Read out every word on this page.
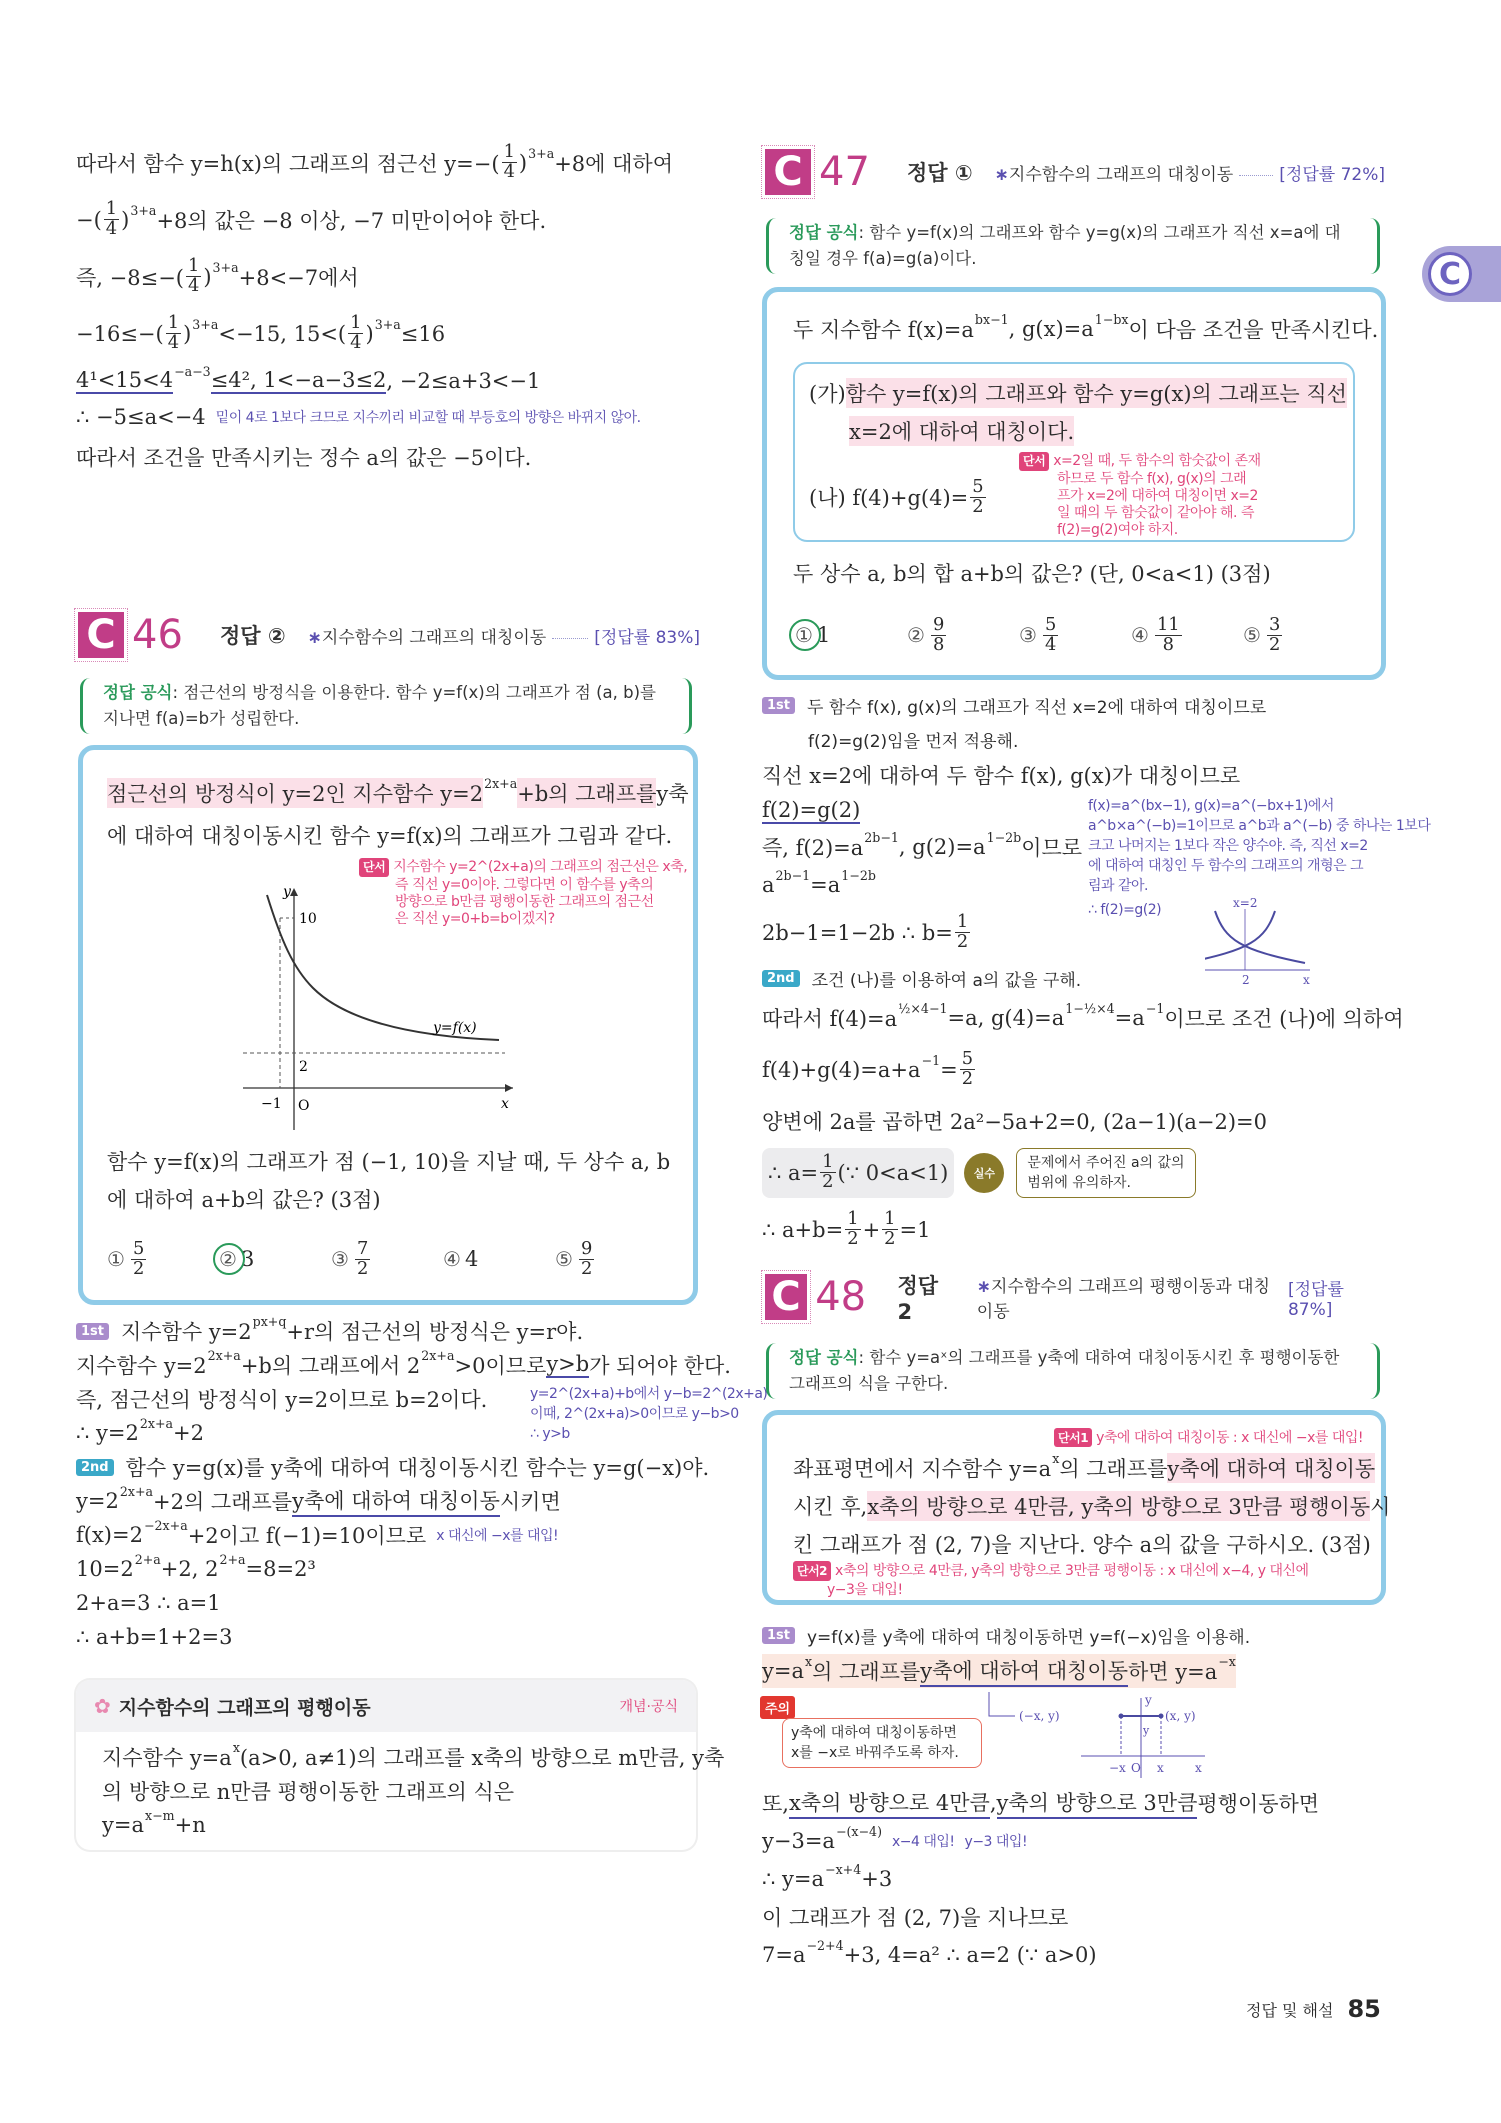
C
따라서 함수 y=h(x)의 그래프의 점근선 $y=-( \frac{1}{4}$ ) 3+a +8에 대하여
−( $\frac{1}{4}$ ) 3+a +8의 값은 −8 이상, −7 미만이어야 한다.
즉, $-8\le-( \frac{1}{4}$ ) 3+a +8<−7에서
$-16\le-( \frac{1}{4}$ ) 3+a <−15, $15<( \frac{1}{4}$ ) 3+a ≤16
4¹<15<4 −a−3 ≤4², 1<−a−3≤2 , −2≤a+3<−1
∴ −5≤a<−4 밑이 4로 1보다 크므로 지수끼리 비교할 때 부등호의 방향은 바뀌지 않아.
따라서 조건을 만족시키는 정수 a의 값은 −5이다.
C 46	정답 ② ∗지수함수의 그래프의 대칭이동	[정답률 83%]
정답 공식: 점근선의 방정식을 이용한다. 함수 y=f(x)의 그래프가 점 (a, b)를 지나면 f(a)=b가 성립한다.
점근선의 방정식이 y=2인 지수함수 y=2 2x+a +b의 그래프를 y축
에 대하여 대칭이동시킨 함수 y=f(x)의 그래프가 그림과 같다.
단서 지수함수 y=2^(2x+a)의 그래프의 점근선은 x축,
즉 직선 y=0이야. 그렇다면 이 함수를 y축의
방향으로 b만큼 평행이동한 그래프의 점근선
은 직선 y=0+b=b이겠지?
y
10
2
−1 O	x
y=f(x)
함수 y=f(x)의 그래프가 점 (−1, 10)을 지날 때, 두 상수 a, b
에 대하여 a+b의 값은? (3점)
① $\frac{5}{2}$	② 3	③ $\frac{7}{2}$	④ 4	⑤ $\frac{9}{2}$
1st 지수함수 y=2 px+q +r의 점근선의 방정식은 y=r야.
지수함수 y=2 2x+a +b의 그래프에서 2 2x+a >0이므로 y>b 가 되어야 한다.
즉, 점근선의 방정식이 y=2이므로 b=2이다.
∴ y=2 2x+a +2
2nd 함수 y=g(x)를 y축에 대하여 대칭이동시킨 함수는 y=g(−x)야.
y=2 2x+a +2의 그래프를 y축에 대하여 대칭이동 시키면
f(x)=2 −2x+a +2이고 f(−1)=10이므로 x 대신에 −x를 대입!
10=2 2+a +2, 2 2+a =8=2³
2+a=3 ∴ a=1
∴ a+b=1+2=3
y=2^(2x+a)+b에서 y−b=2^(2x+a)
이때, 2^(2x+a)>0이므로 y−b>0
∴ y>b
✿ 지수함수의 그래프의 평행이동	개념·공식
지수함수 y=a x (a>0, a≠1)의 그래프를 x축의 방향으로 m만큼, y축
의 방향으로 n만큼 평행이동한 그래프의 식은
y=a x−m +n
C 47	정답 ① ∗지수함수의 그래프의 대칭이동	[정답률 72%]
정답 공식: 함수 y=f(x)의 그래프와 함수 y=g(x)의 그래프가 직선 x=a에 대칭일 경우 f(a)=g(a)이다.
두 지수함수 f(x)=a bx−1 , g(x)=a 1−bx 이 다음 조건을 만족시킨다.
(가) 함수 y=f(x)의 그래프와 함수 y=g(x)의 그래프는 직선
x=2에 대하여 대칭이다.
(나) $f(4)+g(4)= \frac{5}{2}$
단서 x=2일 때, 두 함수의 함숫값이 존재
하므로 두 함수 f(x), g(x)의 그래
프가 x=2에 대하여 대칭이면 x=2
일 때의 두 함숫값이 같아야 해. 즉
f(2)=g(2)여야 하지.
두 상수 a, b의 합 a+b의 값은? (단, 0<a<1) (3점)
① 1	② $\frac{9}{8}$	③ $\frac{5}{4}$	④ $\frac{11}{8}$	⑤ $\frac{3}{2}$
1st 두 함수 f(x), g(x)의 그래프가 직선 x=2에 대하여 대칭이므로
f(2)=g(2)임을 먼저 적용해.
직선 x=2에 대하여 두 함수 f(x), g(x)가 대칭이므로
f(2)=g(2)
즉, f(2)=a 2b−1 , g(2)=a 1−2b 이므로
a 2b−1 =a 1−2b
2b−1=1−2b ∴ $b= \frac{1}{2}$
2nd 조건 (나)를 이용하여 a의 값을 구해.
따라서 f(4)=a ½×4−1 =a, g(4)=a 1−½×4 =a −1 이므로 조건 (나)에 의하여
$f(4)+g(4)=a+a -1 = \frac{5}{2}$
양변에 2a를 곱하면 2a²−5a+2=0, (2a−1)(a−2)=0
∴ $a= \frac{1}{2}$ (∵ 0<a<1)	실수
문제에서 주어진 a의 값의
범위에 유의하자.
∴ $a+b= \frac{1}{2} + \frac{1}{2} =1$
f(x)=a^(bx−1), g(x)=a^(−bx+1)에서
a^b×a^(−b)=1이므로 a^b과 a^(−b) 중 하나는 1보다
크고 나머지는 1보다 작은 양수야. 즉, 직선 x=2
에 대하여 대칭인 두 함수의 그래프의 개형은 그
림과 같아.
∴ f(2)=g(2)	x=2
2	x
C 48	정답 2
∗지수함수의 그래프의 평행이동과 대칭이동
[정답률 87%]
정답 공식: 함수 y=aˣ의 그래프를 y축에 대하여 대칭이동시킨 후 평행이동한 그래프의 식을 구한다.
단서1 y축에 대하여 대칭이동 : x 대신에 −x를 대입!
좌표평면에서 지수함수 y=a x 의 그래프를 y축에 대하여 대칭이동
시킨 후, x축의 방향으로 4만큼, y축의 방향으로 3만큼 평행이동 시
킨 그래프가 점 (2, 7)을 지난다. 양수 a의 값을 구하시오. (3점)
단서2 x축의 방향으로 4만큼, y축의 방향으로 3만큼 평행이동 : x 대신에 x−4, y 대신에
y−3을 대입!
1st y=f(x)를 y축에 대하여 대칭이동하면 y=f(−x)임을 이용해.
y=a x 의 그래프를 y축에 대하여 대칭이동 하면 y=a −x
주의
y축에 대하여 대칭이동하면
x를 −x로 바꿔주도록 하자.
(−x, y)	(x, y)
y
y
−x O x	x
또, x축의 방향으로 4만큼 , y축의 방향으로 3만큼 평행이동하면
y−3=a −(x−4)
x−4 대입! y−3 대입!
∴ y=a −x+4 +3
이 그래프가 점 (2, 7)을 지나므로
7=a −2+4 +3, 4=a² ∴ a=2 (∵ a>0)
정답 및 해설 85
